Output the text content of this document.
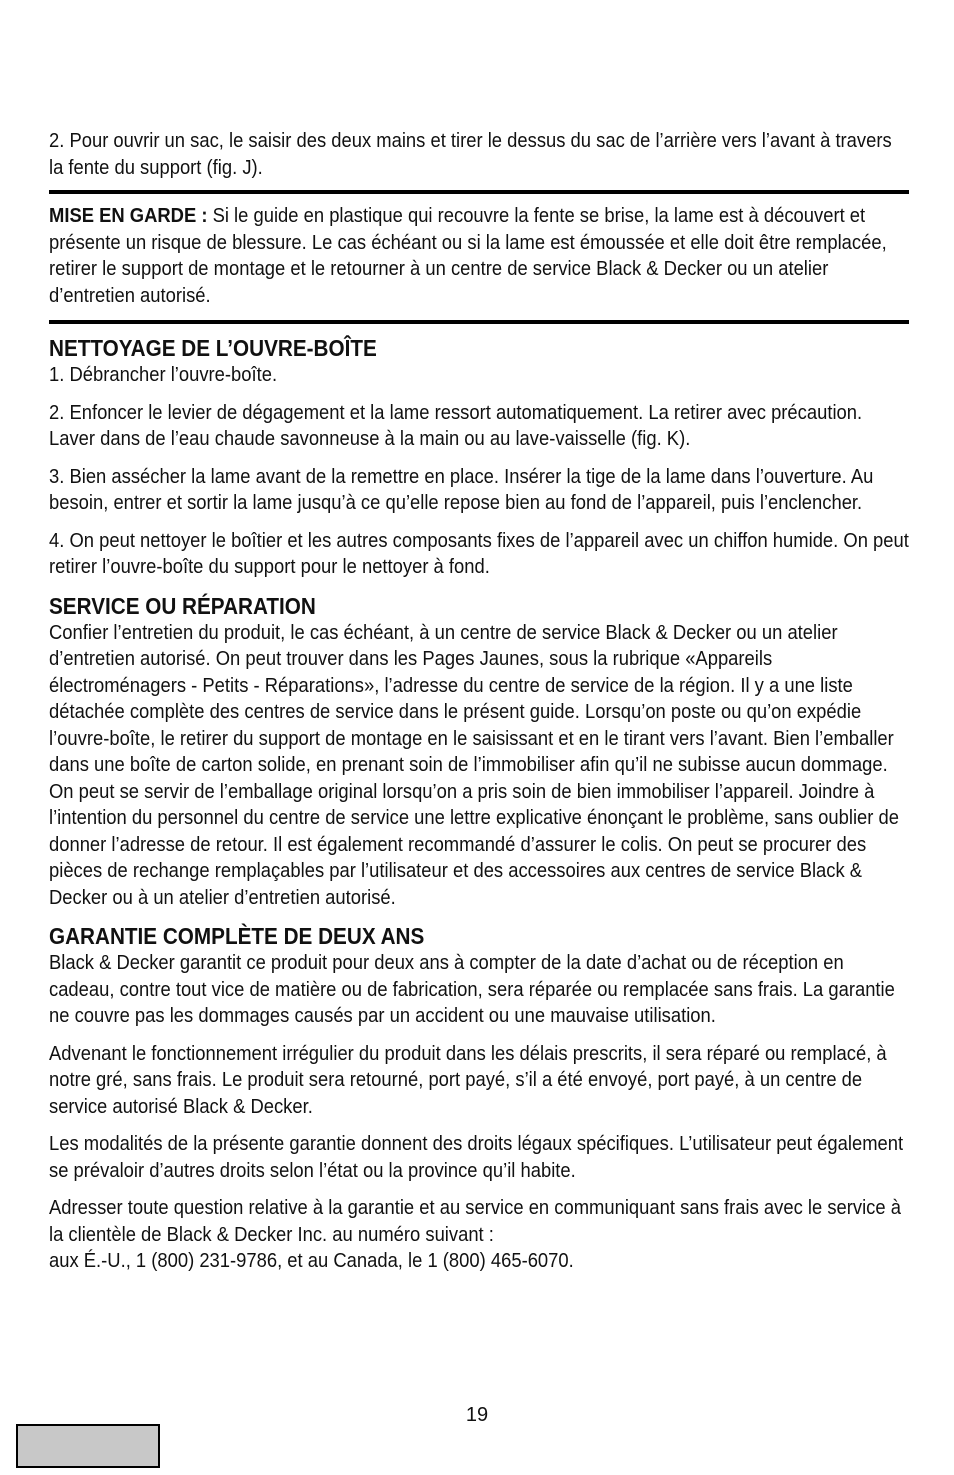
2. Pour ouvrir un sac, le saisir des deux mains et tirer le dessus du sac de l’arrière vers l’avant à travers la fente du support (fig. J).

MISE EN GARDE : Si le guide en plastique qui recouvre la fente se brise, la lame est à découvert et présente un risque de blessure. Le cas échéant ou si la lame est émoussée et elle doit être remplacée, retirer le support de montage et le retourner à un centre de service Black & Decker ou un atelier d’entretien autorisé.

NETTOYAGE DE L’OUVRE-BOÎTE

1. Débrancher l’ouvre-boîte.

2. Enfoncer le levier de dégagement et la lame ressort automatiquement. La retirer avec précaution. Laver dans de l’eau chaude savonneuse à la main ou au lave-vaisselle (fig. K).

3. Bien assécher la lame avant de la remettre en place. Insérer la tige de la lame dans l’ouverture. Au besoin, entrer et sortir la lame jusqu’à ce qu’elle repose bien au fond de l’appareil, puis l’enclencher.

4. On peut nettoyer le boîtier et les autres composants fixes de l’appareil avec un chiffon humide. On peut retirer l’ouvre-boîte du support pour le nettoyer à fond.

SERVICE OU RÉPARATION

Confier l’entretien du produit, le cas échéant, à un centre de service Black & Decker ou un atelier d’entretien autorisé. On peut trouver dans les Pages Jaunes, sous la rubrique «Appareils électroménagers - Petits - Réparations», l’adresse du centre de service de la région. Il y a une liste détachée complète des centres de service dans le présent guide. Lorsqu’on poste ou qu’on expédie l’ouvre-boîte, le retirer du support de montage en le saisissant et en le tirant vers l’avant. Bien l’emballer dans une boîte de carton solide, en prenant soin de l’immobiliser afin qu’il ne subisse aucun dommage. On peut se servir de l’emballage original lorsqu’on a pris soin de bien immobiliser l’appareil. Joindre à l’intention du personnel du centre de service une lettre explicative énonçant le problème, sans oublier de donner l’adresse de retour. Il est également recommandé d’assurer le colis. On peut se procurer des pièces de rechange remplaçables par l’utilisateur et des accessoires aux centres de service Black & Decker ou à un atelier d’entretien autorisé.

GARANTIE COMPLÈTE DE DEUX ANS

Black & Decker garantit ce produit pour deux ans à compter de la date d’achat ou de réception en cadeau, contre tout vice de matière ou de fabrication, sera réparée ou remplacée sans frais. La garantie ne couvre pas les dommages causés par un accident ou une mauvaise utilisation.

Advenant le fonctionnement irrégulier du produit dans les délais prescrits, il sera réparé ou remplacé, à notre gré, sans frais. Le produit sera retourné, port payé, s’il a été envoyé, port payé, à un centre de service autorisé Black & Decker.

Les modalités de la présente garantie donnent des droits légaux spécifiques. L’utilisateur peut également se prévaloir d’autres droits selon l’état ou la province qu’il habite.

Adresser toute question relative à la garantie et au service en communiquant sans frais avec le service à la clientèle de Black & Decker Inc. au numéro suivant :

aux É.-U., 1 (800) 231-9786, et au Canada, le 1 (800) 465-6070.

19
